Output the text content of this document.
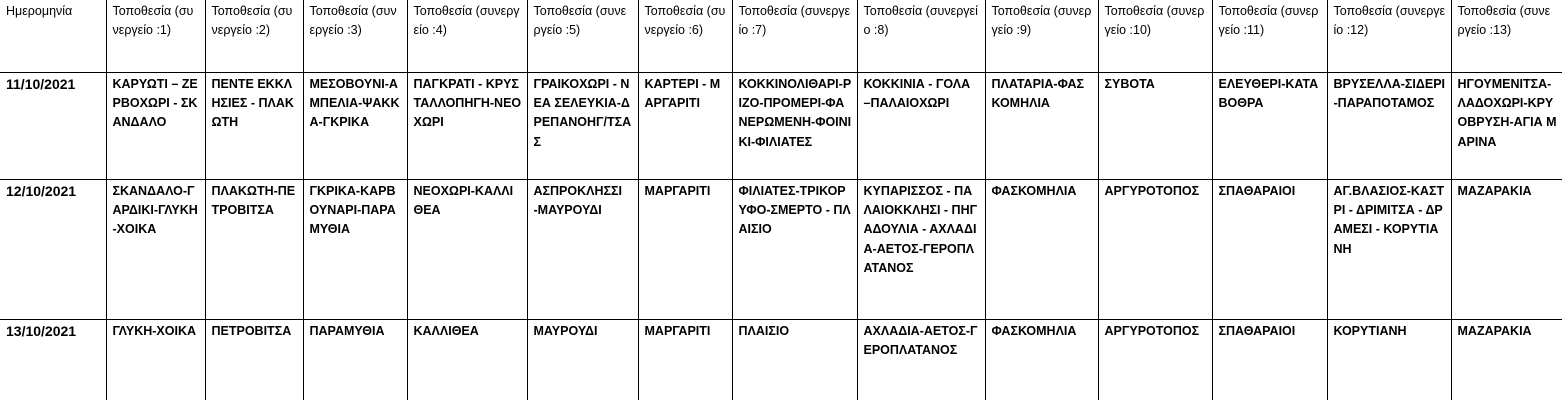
Ημερομηνία	Τοποθεσία (συνεργείο :1)	Τοποθεσία (συνεργείο :2)	Τοποθεσία (συνεργείο :3)	Τοποθεσία (συνεργείο :4)	Τοποθεσία (συνεργείο :5)	Τοποθεσία (συνεργείο :6)	Τοποθεσία (συνεργείο :7)	Τοποθεσία (συνεργείο :8)	Τοποθεσία (συνεργείο :9)	Τοποθεσία (συνεργείο :10)	Τοποθεσία (συνεργείο :11)	Τοποθεσία (συνεργείο :12)	Τοποθεσία (συνεργείο :13)
11/10/2021	ΚΑΡΥΩΤΙ – ΖΕΡΒΟΧΩΡΙ - ΣΚΑΝΔΑΛΟ	ΠΕΝΤΕ ΕΚΚΛΗΣΙΕΣ - ΠΛΑΚΩΤΗ	ΜΕΣΟΒΟΥΝΙ-ΑΜΠΕΛΙΑ-ΨΑΚΚΑ-ΓΚΡΙΚΑ	ΠΑΓΚΡΑΤΙ - ΚΡΥΣΤΑΛΛΟΠΗΓΗ-ΝΕΟΧΩΡΙ	ΓΡΑΙΚΟΧΩΡΙ - ΝΕΑ ΣΕΛΕΥΚΙΑ-ΔΡΕΠΑΝΟΗΓ/ΤΣΑΣ	ΚΑΡΤΕΡΙ - ΜΑΡΓΑΡΙΤΙ	ΚΟΚΚΙΝΟΛΙΘΑΡΙ-ΡΙΖΟ-ΠΡΟΜΕΡΙ-ΦΑΝΕΡΩΜΕΝΗ-ΦΟΙΝΙΚΙ-ΦΙΛΙΑΤΕΣ	ΚΟΚΚΙΝΙΑ - ΓΟΛΑ –ΠΑΛΑΙΟΧΩΡΙ	ΠΛΑΤΑΡΙΑ-ΦΑΣΚΟΜΗΛΙΑ	ΣΥΒΟΤΑ	ΕΛΕΥΘΕΡΙ-ΚΑΤΑΒΟΘΡΑ	ΒΡΥΣΕΛΛΑ-ΣΙΔΕΡΙ-ΠΑΡΑΠΟΤΑΜΟΣ	ΗΓΟΥΜΕΝΙΤΣΑ-ΛΑΔΟΧΩΡΙ-ΚΡΥΟΒΡΥΣΗ-ΑΓΙΑ ΜΑΡΙΝΑ
12/10/2021	ΣΚΑΝΔΑΛΟ-ΓΑΡΔΙΚΙ-ΓΛΥΚΗ-ΧΟΙΚΑ	ΠΛΑΚΩΤΗ-ΠΕΤΡΟΒΙΤΣΑ	ΓΚΡΙΚΑ-ΚΑΡΒΟΥΝΑΡΙ-ΠΑΡΑΜΥΘΙΑ	ΝΕΟΧΩΡΙ-ΚΑΛΛΙΘΕΑ	ΑΣΠΡΟΚΛΗΣΣΙ -ΜΑΥΡΟΥΔΙ	ΜΑΡΓΑΡΙΤΙ	ΦΙΛΙΑΤΕΣ-ΤΡΙΚΟΡΥΦΟ-ΣΜΕΡΤΟ - ΠΛΑΙΣΙΟ	ΚΥΠΑΡΙΣΣΟΣ - ΠΑΛΑΙΟΚΚΛΗΣΙ - ΠΗΓΑΔΟΥΛΙΑ - ΑΧΛΑΔΙΑ-ΑΕΤΟΣ-ΓΕΡΟΠΛΑΤΑΝΟΣ	ΦΑΣΚΟΜΗΛΙΑ	ΑΡΓΥΡΟΤΟΠΟΣ	ΣΠΑΘΑΡΑΙΟΙ	ΑΓ.ΒΛΑΣΙΟΣ-ΚΑΣΤΡΙ - ΔΡΙΜΙΤΣΑ - ΔΡΑΜΕΣΙ - ΚΟΡΥΤΙΑΝΗ	ΜΑΖΑΡΑΚΙΑ
13/10/2021	ΓΛΥΚΗ-ΧΟΙΚΑ	ΠΕΤΡΟΒΙΤΣΑ	ΠΑΡΑΜΥΘΙΑ	ΚΑΛΛΙΘΕΑ	ΜΑΥΡΟΥΔΙ	ΜΑΡΓΑΡΙΤΙ	ΠΛΑΙΣΙΟ	ΑΧΛΑΔΙΑ-ΑΕΤΟΣ-ΓΕΡΟΠΛΑΤΑΝΟΣ	ΦΑΣΚΟΜΗΛΙΑ	ΑΡΓΥΡΟΤΟΠΟΣ	ΣΠΑΘΑΡΑΙΟΙ	ΚΟΡΥΤΙΑΝΗ	ΜΑΖΑΡΑΚΙΑ
